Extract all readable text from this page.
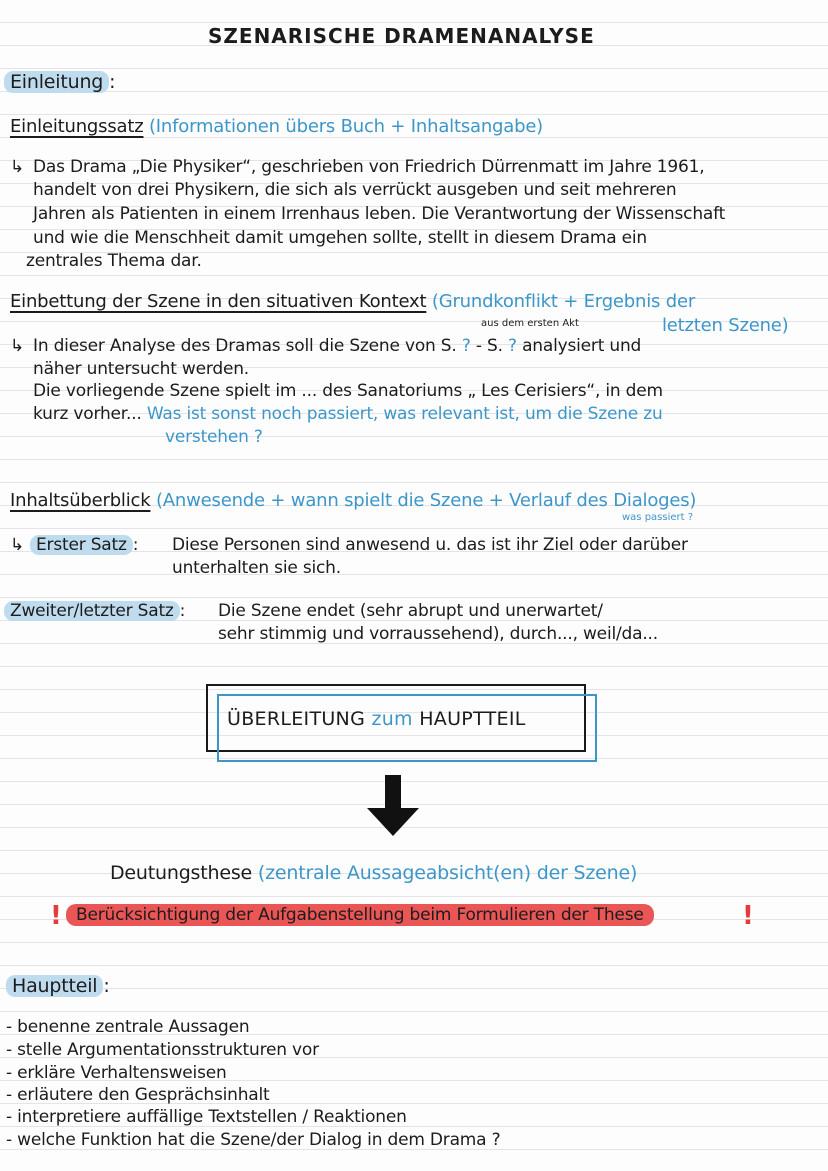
SZENARISCHE DRAMENANALYSE
Einleitung :
Einleitungssatz (Informationen übers Buch + Inhaltsangabe)
↳ Das Drama „Die Physiker“, geschrieben von Friedrich Dürrenmatt im Jahre 1961,
handelt von drei Physikern, die sich als verrückt ausgeben und seit mehreren
Jahren als Patienten in einem Irrenhaus leben. Die Verantwortung der Wissenschaft
und wie die Menschheit damit umgehen sollte, stellt in diesem Drama ein
zentrales Thema dar.
Einbettung der Szene in den situativen Kontext (Grundkonflikt + Ergebnis der
letzten Szene)
aus dem ersten Akt
↳ In dieser Analyse des Dramas soll die Szene von S. ? - S. ? analysiert und
näher untersucht werden.
Die vorliegende Szene spielt im ... des Sanatoriums „ Les Cerisiers“, in dem
kurz vorher... Was ist sonst noch passiert, was relevant ist, um die Szene zu
verstehen ?
Inhaltsüberblick (Anwesende + wann spielt die Szene + Verlauf des Dialoges)
was passiert ?
↳ Erster Satz : Diese Personen sind anwesend u. das ist ihr Ziel oder darüber
unterhalten sie sich.
Zweiter/letzter Satz : Die Szene endet (sehr abrupt und unerwartet/
sehr stimmig und vorraussehend), durch..., weil/da...
ÜBERLEITUNG zum HAUPTTEIL
Deutungsthese (zentrale Aussageabsicht(en) der Szene)
! Berücksichtigung der Aufgabenstellung beim Formulieren der These	!
Hauptteil :
- benenne zentrale Aussagen
- stelle Argumentationsstrukturen vor
- erkläre Verhaltensweisen
- erläutere den Gesprächsinhalt
- interpretiere auffällige Textstellen / Reaktionen
- welche Funktion hat die Szene/der Dialog in dem Drama ?
